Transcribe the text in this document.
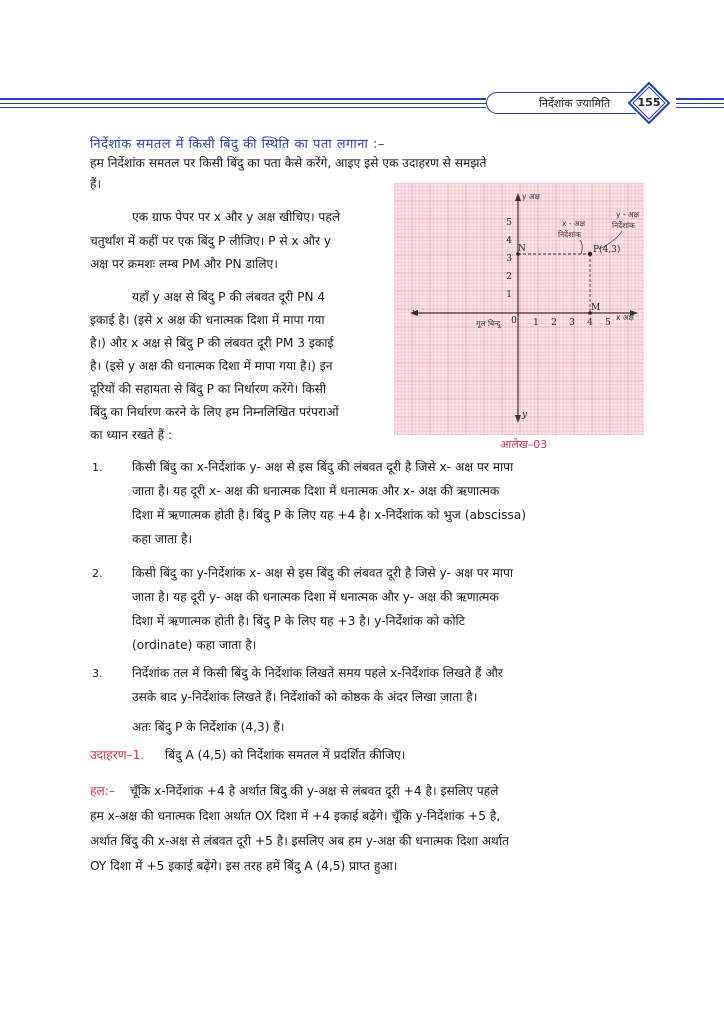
निर्देशांक ज्यामिति	155
निर्देशांक समतल में किसी बिंदु की स्थिति का पता लगाना :–
हम निर्देशांक समतल पर किसी बिंदु का पता कैसे करेंगे, आइए इसे एक उदाहरण से समझते
हैं।
एक ग्राफ पेपर पर x और y अक्ष खीचिए। पहले
चतुर्थांश में कहीं पर एक बिंदु P लीजिए। P से x और y
अक्ष पर क्रमशः लम्ब PM और PN डालिए।
यहाँ y अक्ष से बिंदु P की लंबवत दूरी PN 4
इकाई है। (इसे x अक्ष की धनात्मक दिशा में मापा गया
है।) और x अक्ष से बिंदु P की लंबवत दूरी PM 3 इकाई
है। (इसे y अक्ष की धनात्मक दिशा में मापा गया है।) इन
दूरियों की सहायता से बिंदु P का निर्धारण करेंगे। किसी
बिंदु का निर्धारण करने के लिए हम निम्नलिखित परंपराओं
का ध्यान रखते हैं :
1 2 3 4 5
1
2
3
4
5
0
N
M
P(4,3)
x
y
y अक्ष
x अक्ष
मूल बिन्दु
x - अक्ष
निर्देशांक
y - अक्ष
निर्देशांक
आलेख–03
1. किसी बिंदु का x-निर्देशांक y- अक्ष से इस बिंदु की लंबवत दूरी है जिसे x- अक्ष पर मापा
जाता है। यह दूरी x- अक्ष की धनात्मक दिशा में धनात्मक और x- अक्ष की ऋणात्मक
दिशा में ऋणात्मक होती है। बिंदु P के लिए यह +4 है। x-निर्देशांक को भुज (abscissa)
कहा जाता है।
2. किसी बिंदु का y-निर्देशांक x- अक्ष से इस बिंदु की लंबवत दूरी है जिसे y- अक्ष पर मापा
जाता है। यह दूरी y- अक्ष की धनात्मक दिशा में धनात्मक और y- अक्ष की ऋणात्मक
दिशा में ऋणात्मक होती है। बिंदु P के लिए यह +3 है। y-निर्देशांक को कोटि
(ordinate) कहा जाता है।
3. निर्देशांक तल में किसी बिंदु के निर्देशांक लिखते समय पहले x-निर्देशांक लिखते हैं और
उसके बाद y-निर्देशांक लिखते हैं। निर्देशांकों को कोष्ठक के अंदर लिखा जाता है।
अतः बिंदु P के निर्देशांक (4,3) हैं।
उदाहरण–1. बिंदु A (4,5) को निर्देशांक समतल में प्रदर्शित कीजिए।
हल:– चूँकि x-निर्देशांक +4 है अर्थात बिंदु की y-अक्ष से लंबवत दूरी +4 है। इसलिए पहले
हम x-अक्ष की धनात्मक दिशा अर्थात OX दिशा में +4 इकाई बढ़ेंगे। चूँकि y-निर्देशांक +5 है,
अर्थात बिंदु की x-अक्ष से लंबवत दूरी +5 है। इसलिए अब हम y-अक्ष की धनात्मक दिशा अर्थात
OY दिशा में +5 इकाई बढ़ेंगे। इस तरह हमें बिंदु A (4,5) प्राप्त हुआ।
